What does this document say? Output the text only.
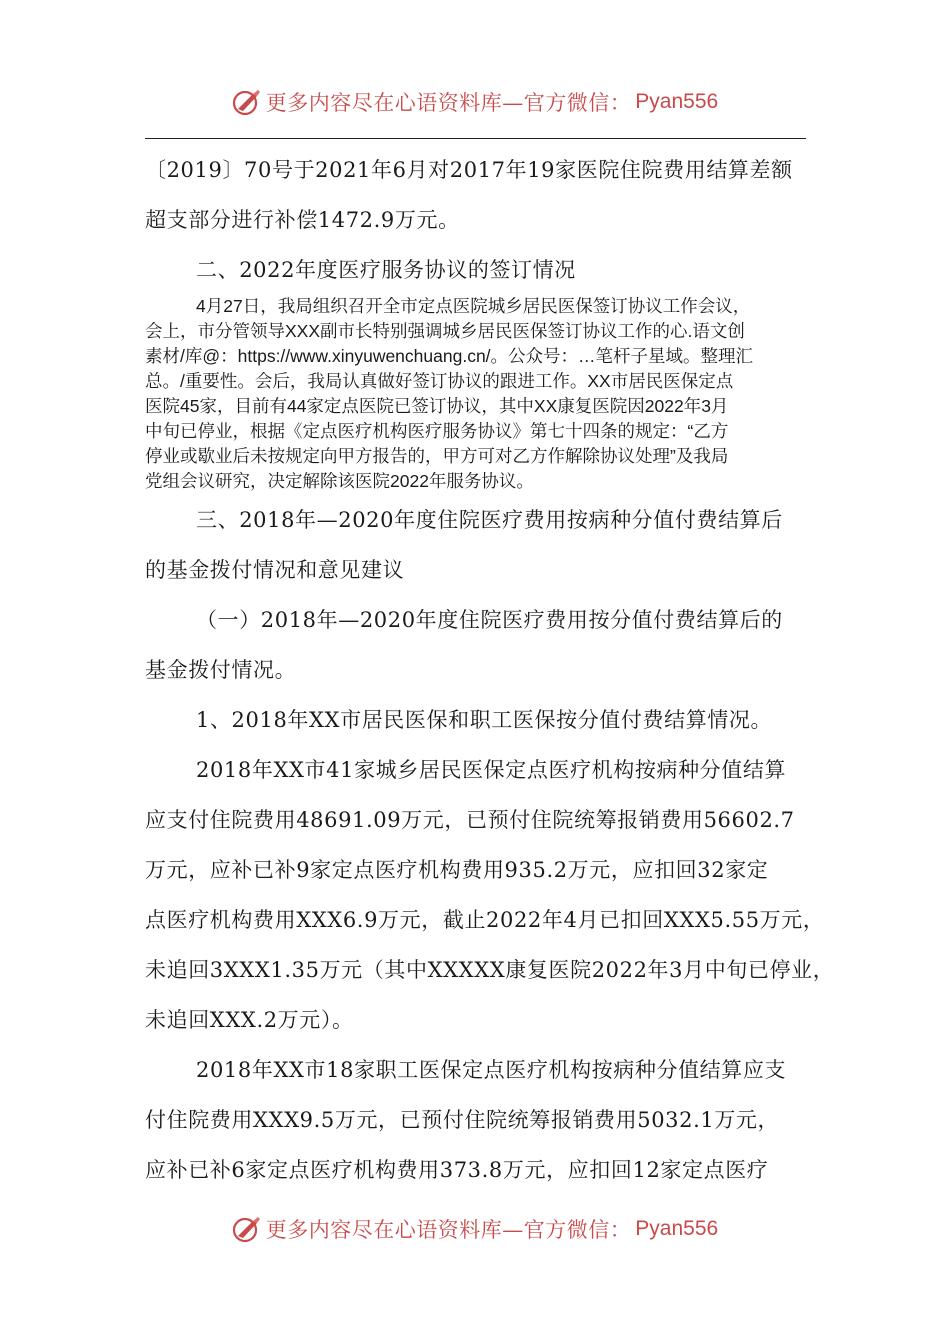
更多内容尽在心语资料库—官方微信： Pyan556
〔2019〕70号于2021年6月对2017年19家医院住院费用结算差额
超支部分进行补偿1472.9万元。
二、2022年度医疗服务协议的签订情况
4月27日，我局组织召开全市定点医院城乡居民医保签订协议工作会议，
会上，市分管领导XXX副市长特别强调城乡居民医保签订协议工作的心.语文创
素材/库@：https://www.xinyuwenchuang.cn/。公众号：…笔杆子星域。整理汇
总。/重要性。会后，我局认真做好签订协议的跟进工作。XX市居民医保定点
医院45家，目前有44家定点医院已签订协议，其中XX康复医院因2022年3月
中旬已停业，根据《定点医疗机构医疗服务协议》第七十四条的规定：“乙方
停业或歇业后未按规定向甲方报告的，甲方可对乙方作解除协议处理”及我局
党组会议研究，决定解除该医院2022年服务协议。
三、2018年—2020年度住院医疗费用按病种分值付费结算后
的基金拨付情况和意见建议
（一）2018年—2020年度住院医疗费用按分值付费结算后的
基金拨付情况。
1、2018年XX市居民医保和职工医保按分值付费结算情况。
2018年XX市41家城乡居民医保定点医疗机构按病种分值结算
应支付住院费用48691.09万元，已预付住院统筹报销费用56602.7
万元，应补已补9家定点医疗机构费用935.2万元，应扣回32家定
点医疗机构费用XXX6.9万元，截止2022年4月已扣回XXX5.55万元，
未追回3XXX1.35万元（其中XXXXX康复医院2022年3月中旬已停业，
未追回XXX.2万元）。
2018年XX市18家职工医保定点医疗机构按病种分值结算应支
付住院费用XXX9.5万元，已预付住院统筹报销费用5032.1万元，
应补已补6家定点医疗机构费用373.8万元，应扣回12家定点医疗
更多内容尽在心语资料库—官方微信： Pyan556
